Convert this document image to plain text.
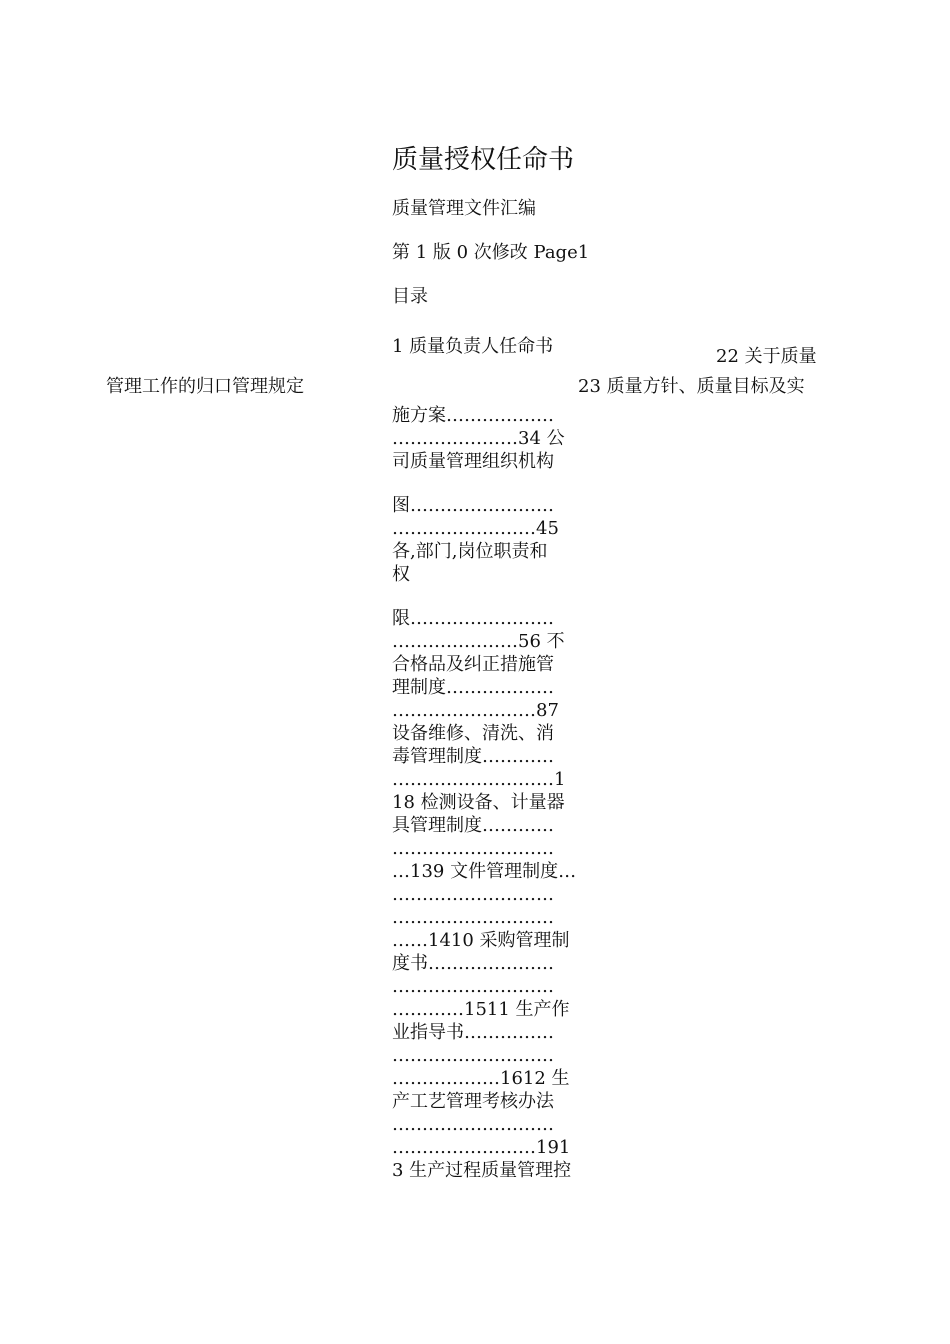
质量授权任命书
质量管理文件汇编
第 1 版 0 次修改 Page1
目录
1 质量负责人任命书	22 关于质量
管理工作的归口管理规定	23 质量方针、质量目标及实
施方案………………
…………………34 公
司质量管理组织机构
图……………………
……………………45
各,部门,岗位职责和
权
限……………………
…………………56 不
合格品及纠正措施管
理制度………………
……………………87
设备维修、清洗、消
毒管理制度…………
………………………1
18 检测设备、计量器
具管理制度…………
………………………
…139 文件管理制度…
………………………
………………………
……1410 采购管理制
度书…………………
………………………
…………1511 生产作
业指导书……………
………………………
………………1612 生
产工艺管理考核办法
………………………
……………………191
3 生产过程质量管理控
